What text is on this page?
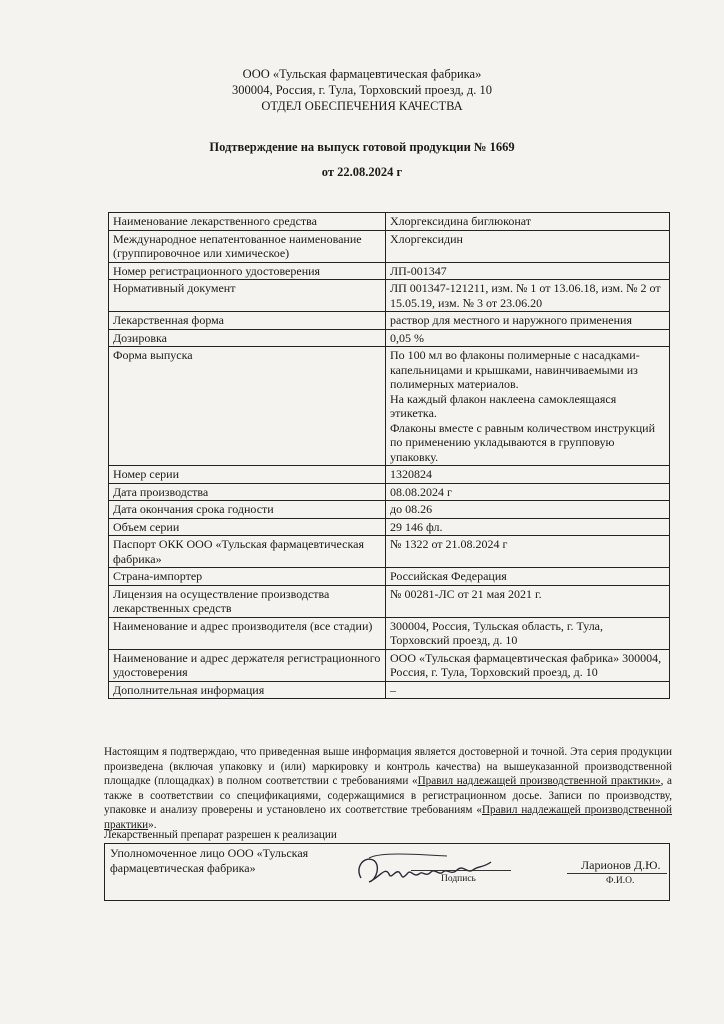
ООО «Тульская фармацевтическая фабрика»
300004, Россия, г. Тула, Торховский проезд, д. 10
ОТДЕЛ ОБЕСПЕЧЕНИЯ КАЧЕСТВА
Подтверждение на выпуск готовой продукции № 1669
от 22.08.2024 г
Наименование лекарственного средства	Хлоргексидина биглюконат
Международное непатентованное наименование (группировочное или химическое)	Хлоргексидин
Номер регистрационного удостоверения	ЛП-001347
Нормативный документ	ЛП 001347-121211, изм. № 1 от 13.06.18, изм. № 2 от 15.05.19, изм. № 3 от 23.06.20
Лекарственная форма	раствор для местного и наружного применения
Дозировка	0,05 %
Форма выпуска	По 100 мл во флаконы полимерные с насадками-капельницами и крышками, навинчиваемыми из полимерных материалов.
На каждый флакон наклеена самоклеящаяся этикетка.
Флаконы вместе с равным количеством инструкций по применению укладываются в групповую упаковку.
Номер серии	1320824
Дата производства	08.08.2024 г
Дата окончания срока годности	до 08.26
Объем серии	29 146 фл.
Паспорт ОКК ООО «Тульская фармацевтическая фабрика»	№ 1322 от 21.08.2024 г
Страна-импортер	Российская Федерация
Лицензия на осуществление производства лекарственных средств	№ 00281-ЛС от 21 мая 2021 г.
Наименование и адрес производителя (все стадии)	300004, Россия, Тульская область, г. Тула, Торховский проезд, д. 10
Наименование и адрес держателя регистрационного удостоверения	ООО «Тульская фармацевтическая фабрика» 300004, Россия, г. Тула, Торховский проезд, д. 10
Дополнительная информация	–
Настоящим я подтверждаю, что приведенная выше информация является достоверной и точной. Эта серия продукции произведена (включая упаковку и (или) маркировку и контроль качества) на вышеуказанной производственной площадке (площадках) в полном соответствии с требованиями «Правил надлежащей производственной практики», а также в соответствии со спецификациями, содержащимися в регистрационном досье. Записи по производству, упаковке и анализу проверены и установлено их соответствие требованиям «Правил надлежащей производственной практики».
Лекарственный препарат разрешен к реализации
Уполномоченное лицо ООО «Тульская фармацевтическая фабрика»	
Подпись
Ларионов Д.Ю.
Ф.И.О.
